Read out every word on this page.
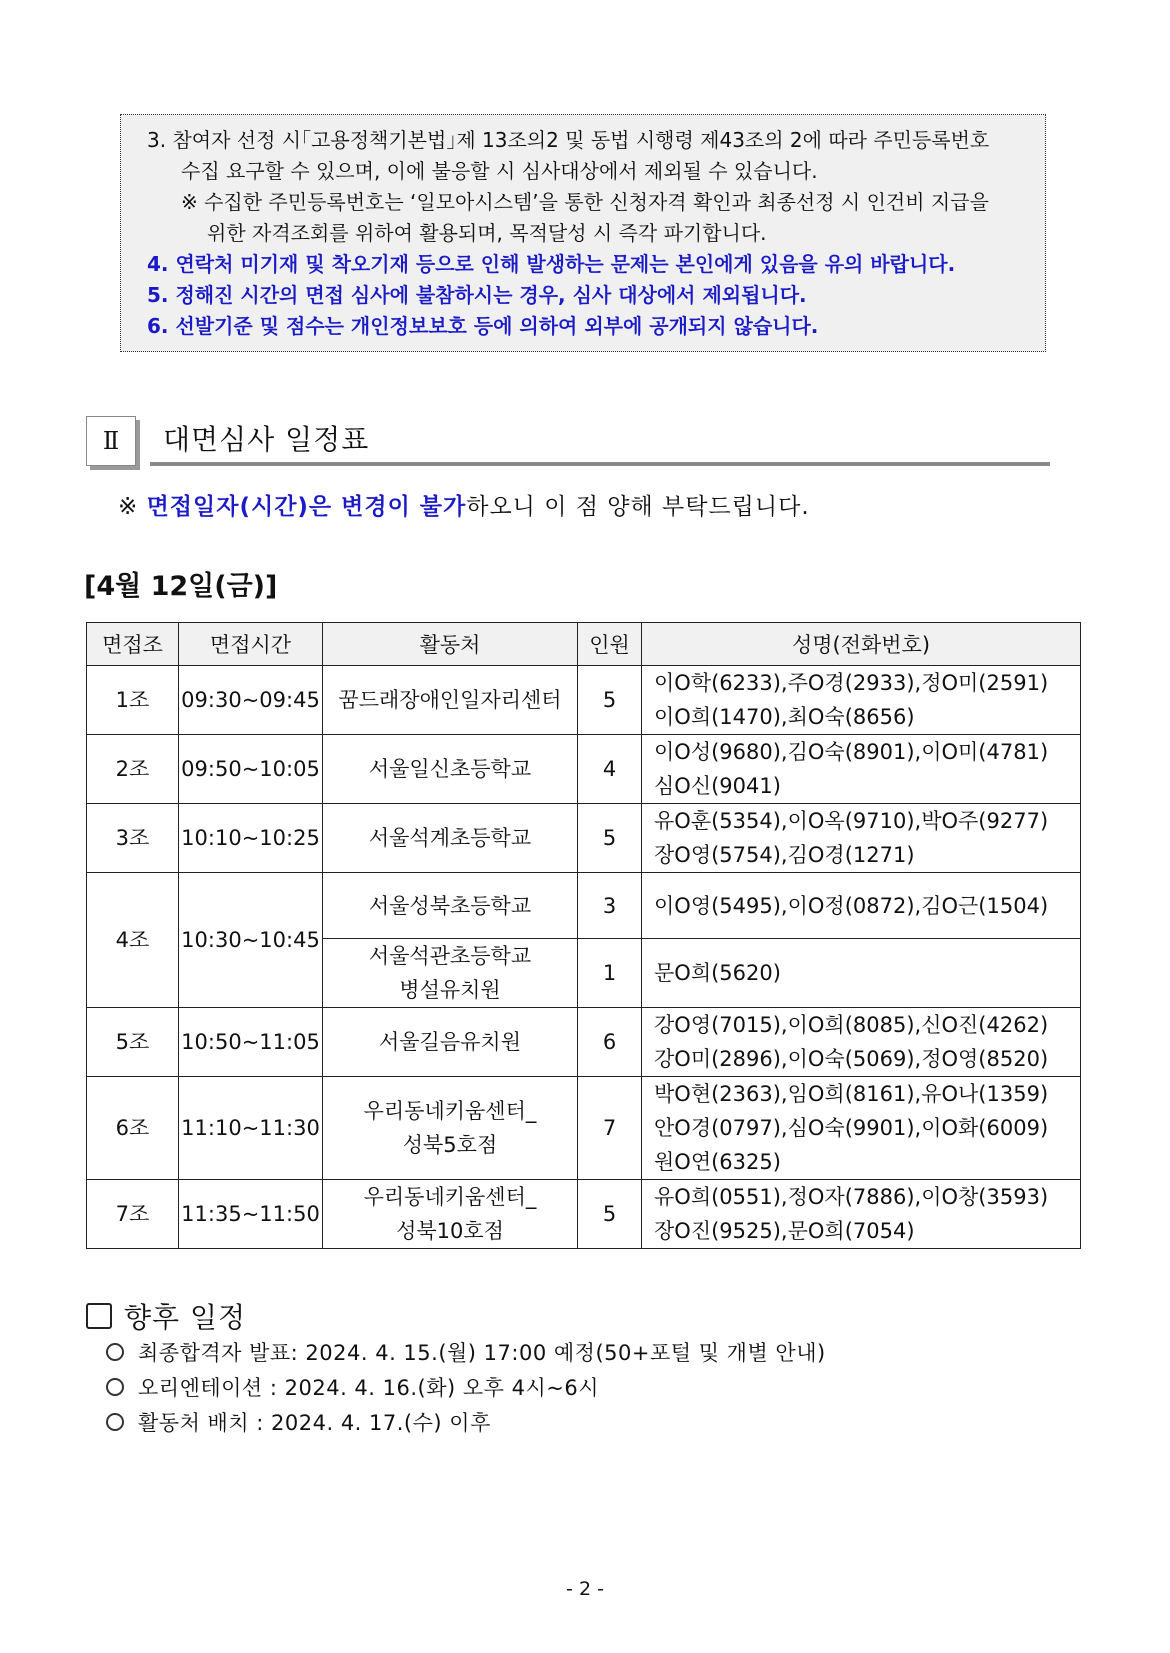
3. 참여자 선정 시｢고용정책기본법｣제 13조의2 및 동법 시행령 제43조의 2에 따라 주민등록번호

수집 요구할 수 있으며, 이에 불응할 시 심사대상에서 제외될 수 있습니다.

※ 수집한 주민등록번호는 ‘일모아시스템’을 통한 신청자격 확인과 최종선정 시 인건비 지급을

위한 자격조회를 위하여 활용되며, 목적달성 시 즉각 파기합니다.

4. 연락처 미기재 및 착오기재 등으로 인해 발생하는 문제는 본인에게 있음을 유의 바랍니다.

5. 정해진 시간의 면접 심사에 불참하시는 경우, 심사 대상에서 제외됩니다.

6. 선발기준 및 점수는 개인정보보호 등에 의하여 외부에 공개되지 않습니다.

Ⅱ	대면심사 일정표
※ 면접일자(시간)은 변경이 불가하오니 이 점 양해 부탁드립니다.
[4월 12일(금)]
면접조	면접시간	활동처	인원	성명(전화번호)
1조	09:30~09:45	꿈드래장애인일자리센터	5	이O학(6233),주O경(2933),정O미(2591)
이O희(1470),최O숙(8656)

2조	09:50~10:05	서울일신초등학교	4	이O성(9680),김O숙(8901),이O미(4781)
심O신(9041)

3조	10:10~10:25	서울석계초등학교	5	유O훈(5354),이O옥(9710),박O주(9277)
장O영(5754),김O경(1271)

4조	10:30~10:45	서울성북초등학교	3	이O영(5495),이O정(0872),김O근(1504)

		서울석관초등학교
병설유치원	1	문O희(5620)

5조	10:50~11:05	서울길음유치원	6	강O영(7015),이O희(8085),신O진(4262)
강O미(2896),이O숙(5069),정O영(8520)

6조	11:10~11:30	우리동네키움센터_
성북5호점	7	박O현(2363),임O희(8161),유O나(1359)
안O경(0797),심O숙(9901),이O화(6009)
원O연(6325)

7조	11:35~11:50	우리동네키움센터_
성북10호점	5	유O희(0551),정O자(7886),이O창(3593)
장O진(9525),문O희(7054)
향후 일정
최종합격자 발표: 2024. 4. 15.(월) 17:00 예정(50+포털 및 개별 안내)
오리엔테이션 : 2024. 4. 16.(화) 오후 4시~6시
활동처 배치 : 2024. 4. 17.(수) 이후
- 2 -
